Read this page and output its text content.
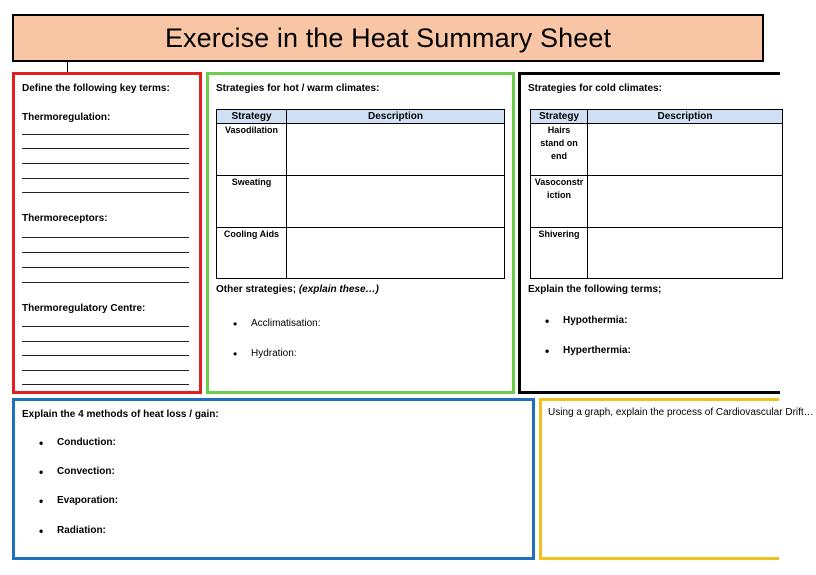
Exercise in the Heat Summary Sheet
Define the following key terms:
Thermoregulation:
Thermoreceptors:
Thermoregulatory Centre:
Strategies for hot / warm climates:
Strategy	Description
Vasodilation	
Sweating	
Cooling Aids	
Other strategies; (explain these…)
• Acclimatisation:
• Hydration:
Strategies for cold climates:
Strategy	Description
Hairs stand on end	
Vasoconstriction	
Shivering	
Explain the following terms;
• Hypothermia:
• Hyperthermia:
Explain the 4 methods of heat loss / gain:
• Conduction:
• Convection:
• Evaporation:
• Radiation:
Using a graph, explain the process of Cardiovascular Drift…
